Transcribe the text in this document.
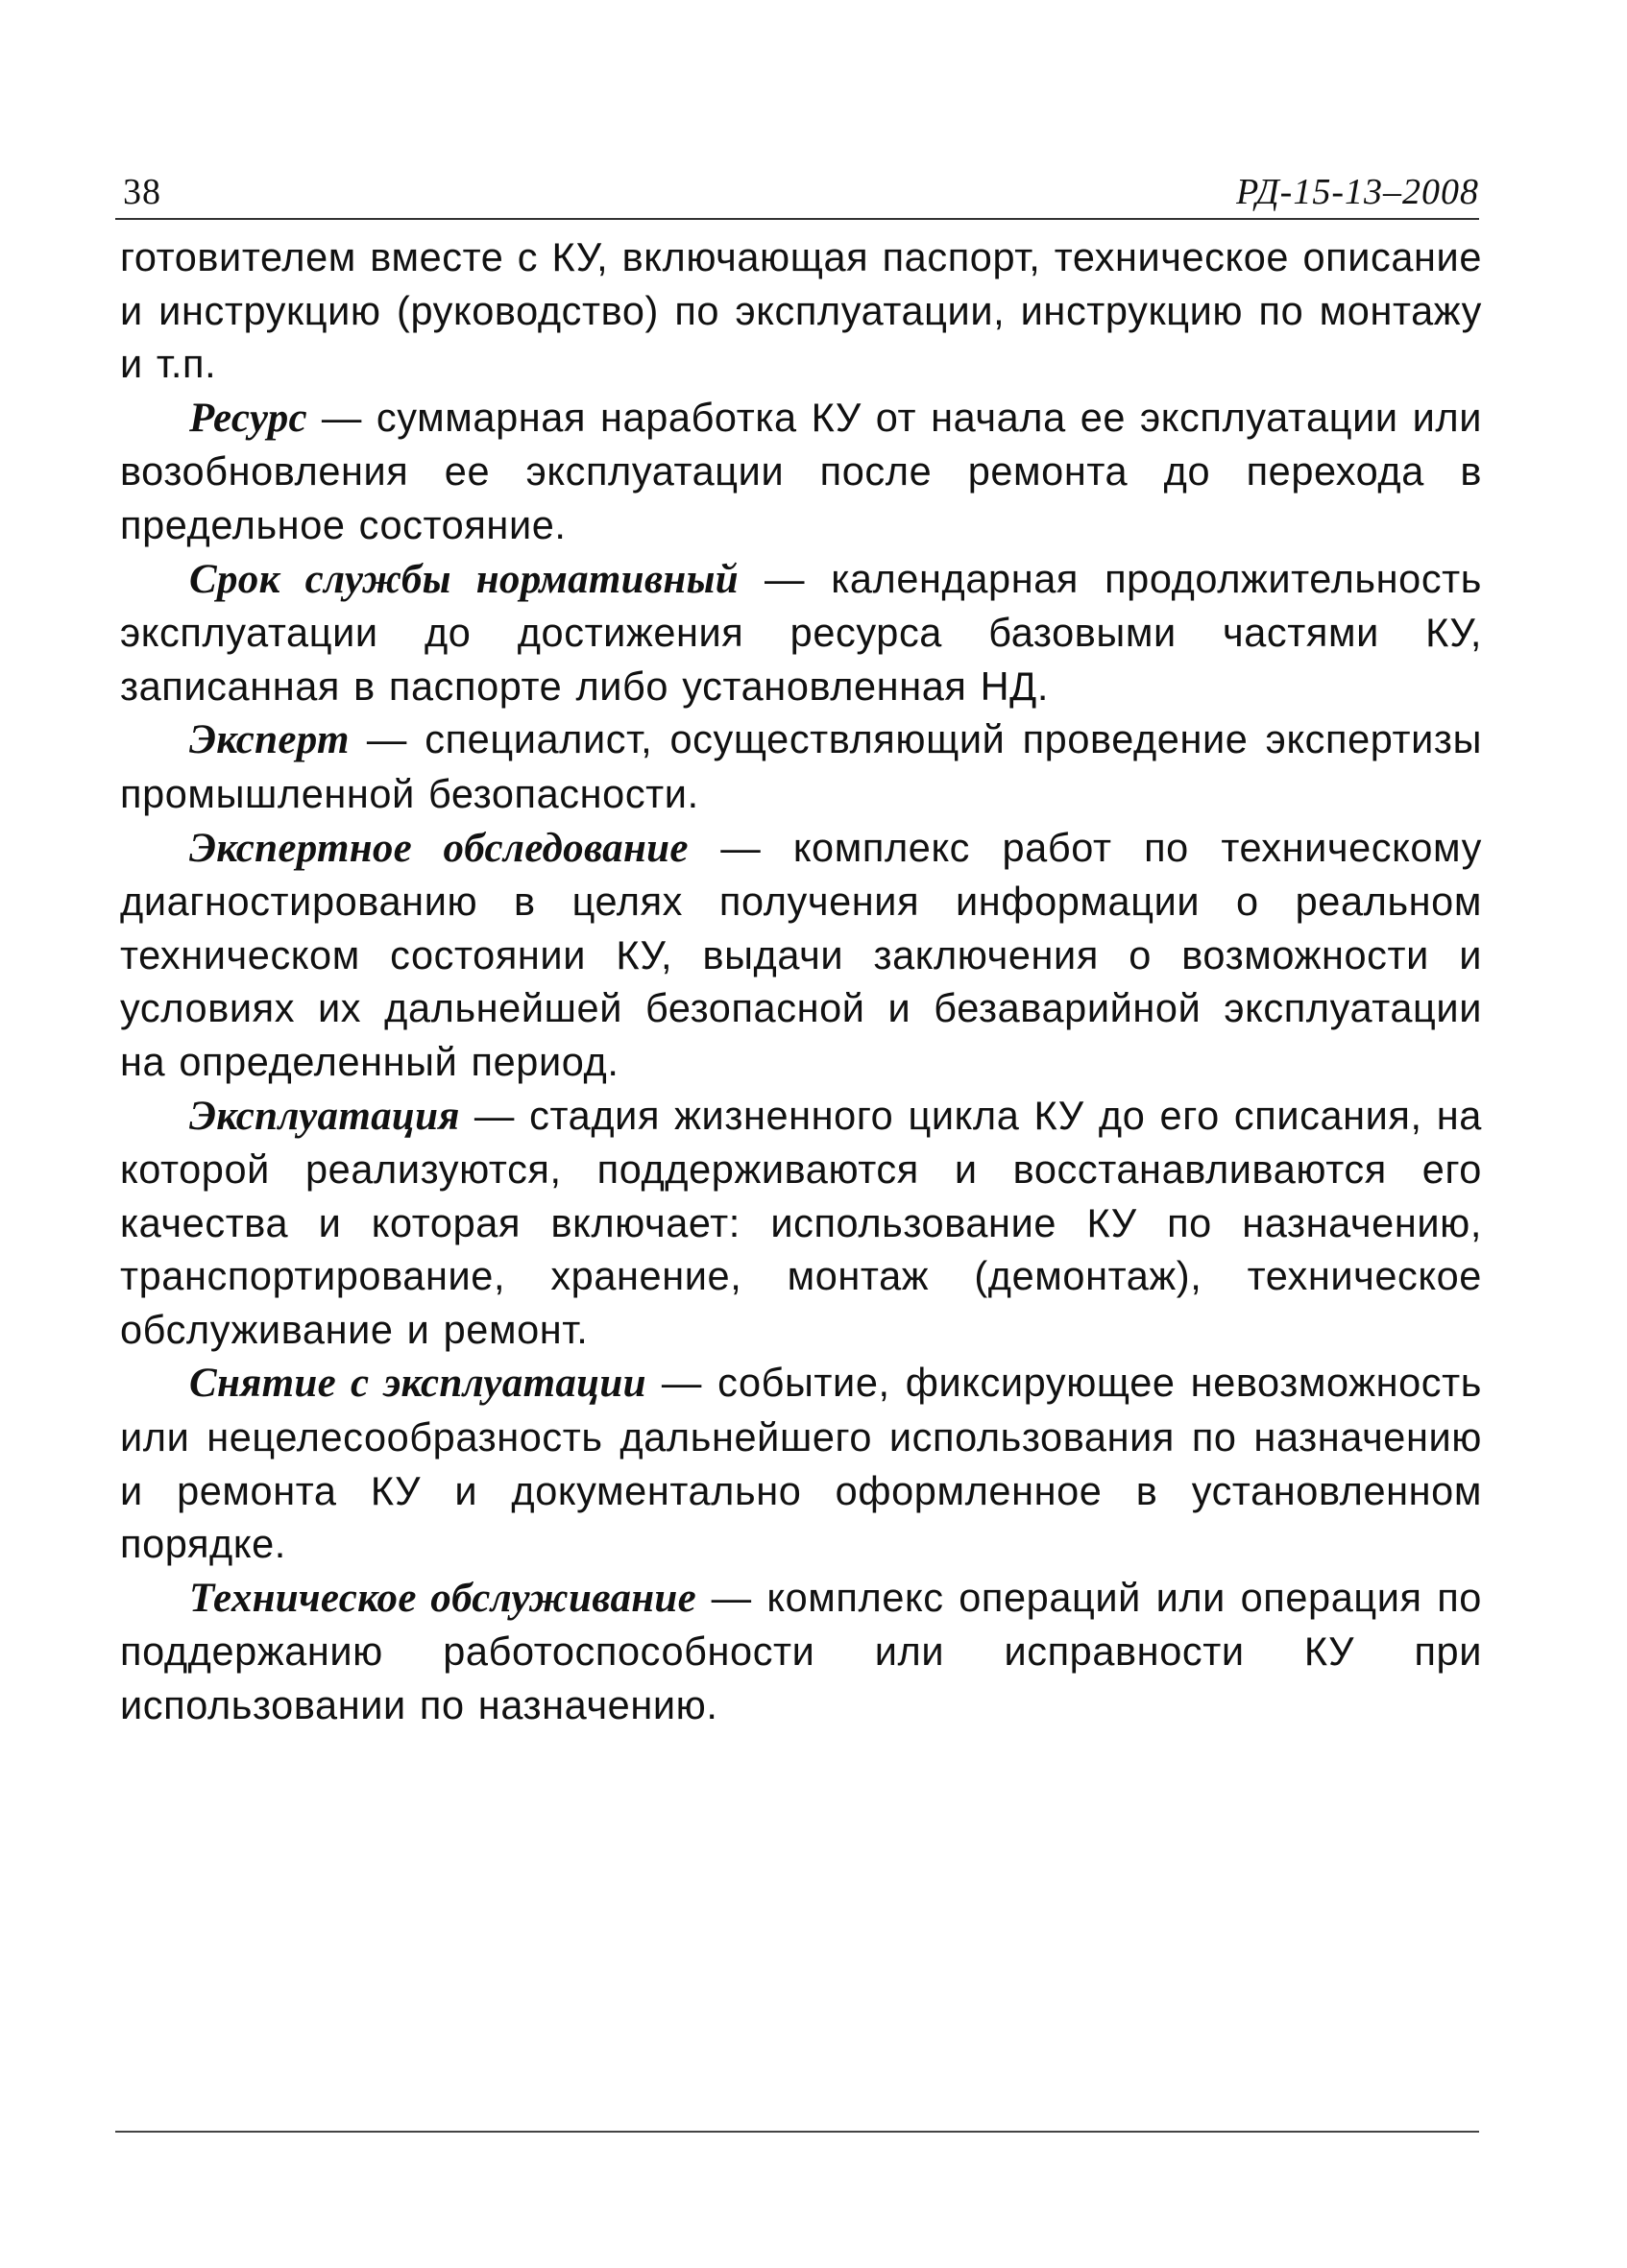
38	РД-15-13–2008

готовителем вместе с КУ, включающая паспорт, техническое описание и инструкцию (руководство) по эксплуатации, инструкцию по монтажу и т.п.

Ресурс — суммарная наработка КУ от начала ее эксплуатации или возобновления ее эксплуатации после ремонта до перехода в предельное состояние.

Срок службы нормативный — календарная продолжительность эксплуатации до достижения ресурса базовыми частями КУ, записанная в паспорте либо установленная НД.

Эксперт — специалист, осуществляющий проведение экспертизы промышленной безопасности.

Экспертное обследование — комплекс работ по техническому диагностированию в целях получения информации о реальном техническом состоянии КУ, выдачи заключения о возможности и условиях их дальнейшей безопасной и безаварийной эксплуатации на определенный период.

Эксплуатация — стадия жизненного цикла КУ до его списания, на которой реализуются, поддерживаются и восстанавливаются его качества и которая включает: использование КУ по назначению, транспортирование, хранение, монтаж (демонтаж), техническое обслуживание и ремонт.

Снятие с эксплуатации — событие, фиксирующее невозможность или нецелесообразность дальнейшего использования по назначению и ремонта КУ и документально оформленное в установленном порядке.

Техническое обслуживание — комплекс операций или операция по поддержанию работоспособности или исправности КУ при использовании по назначению.
